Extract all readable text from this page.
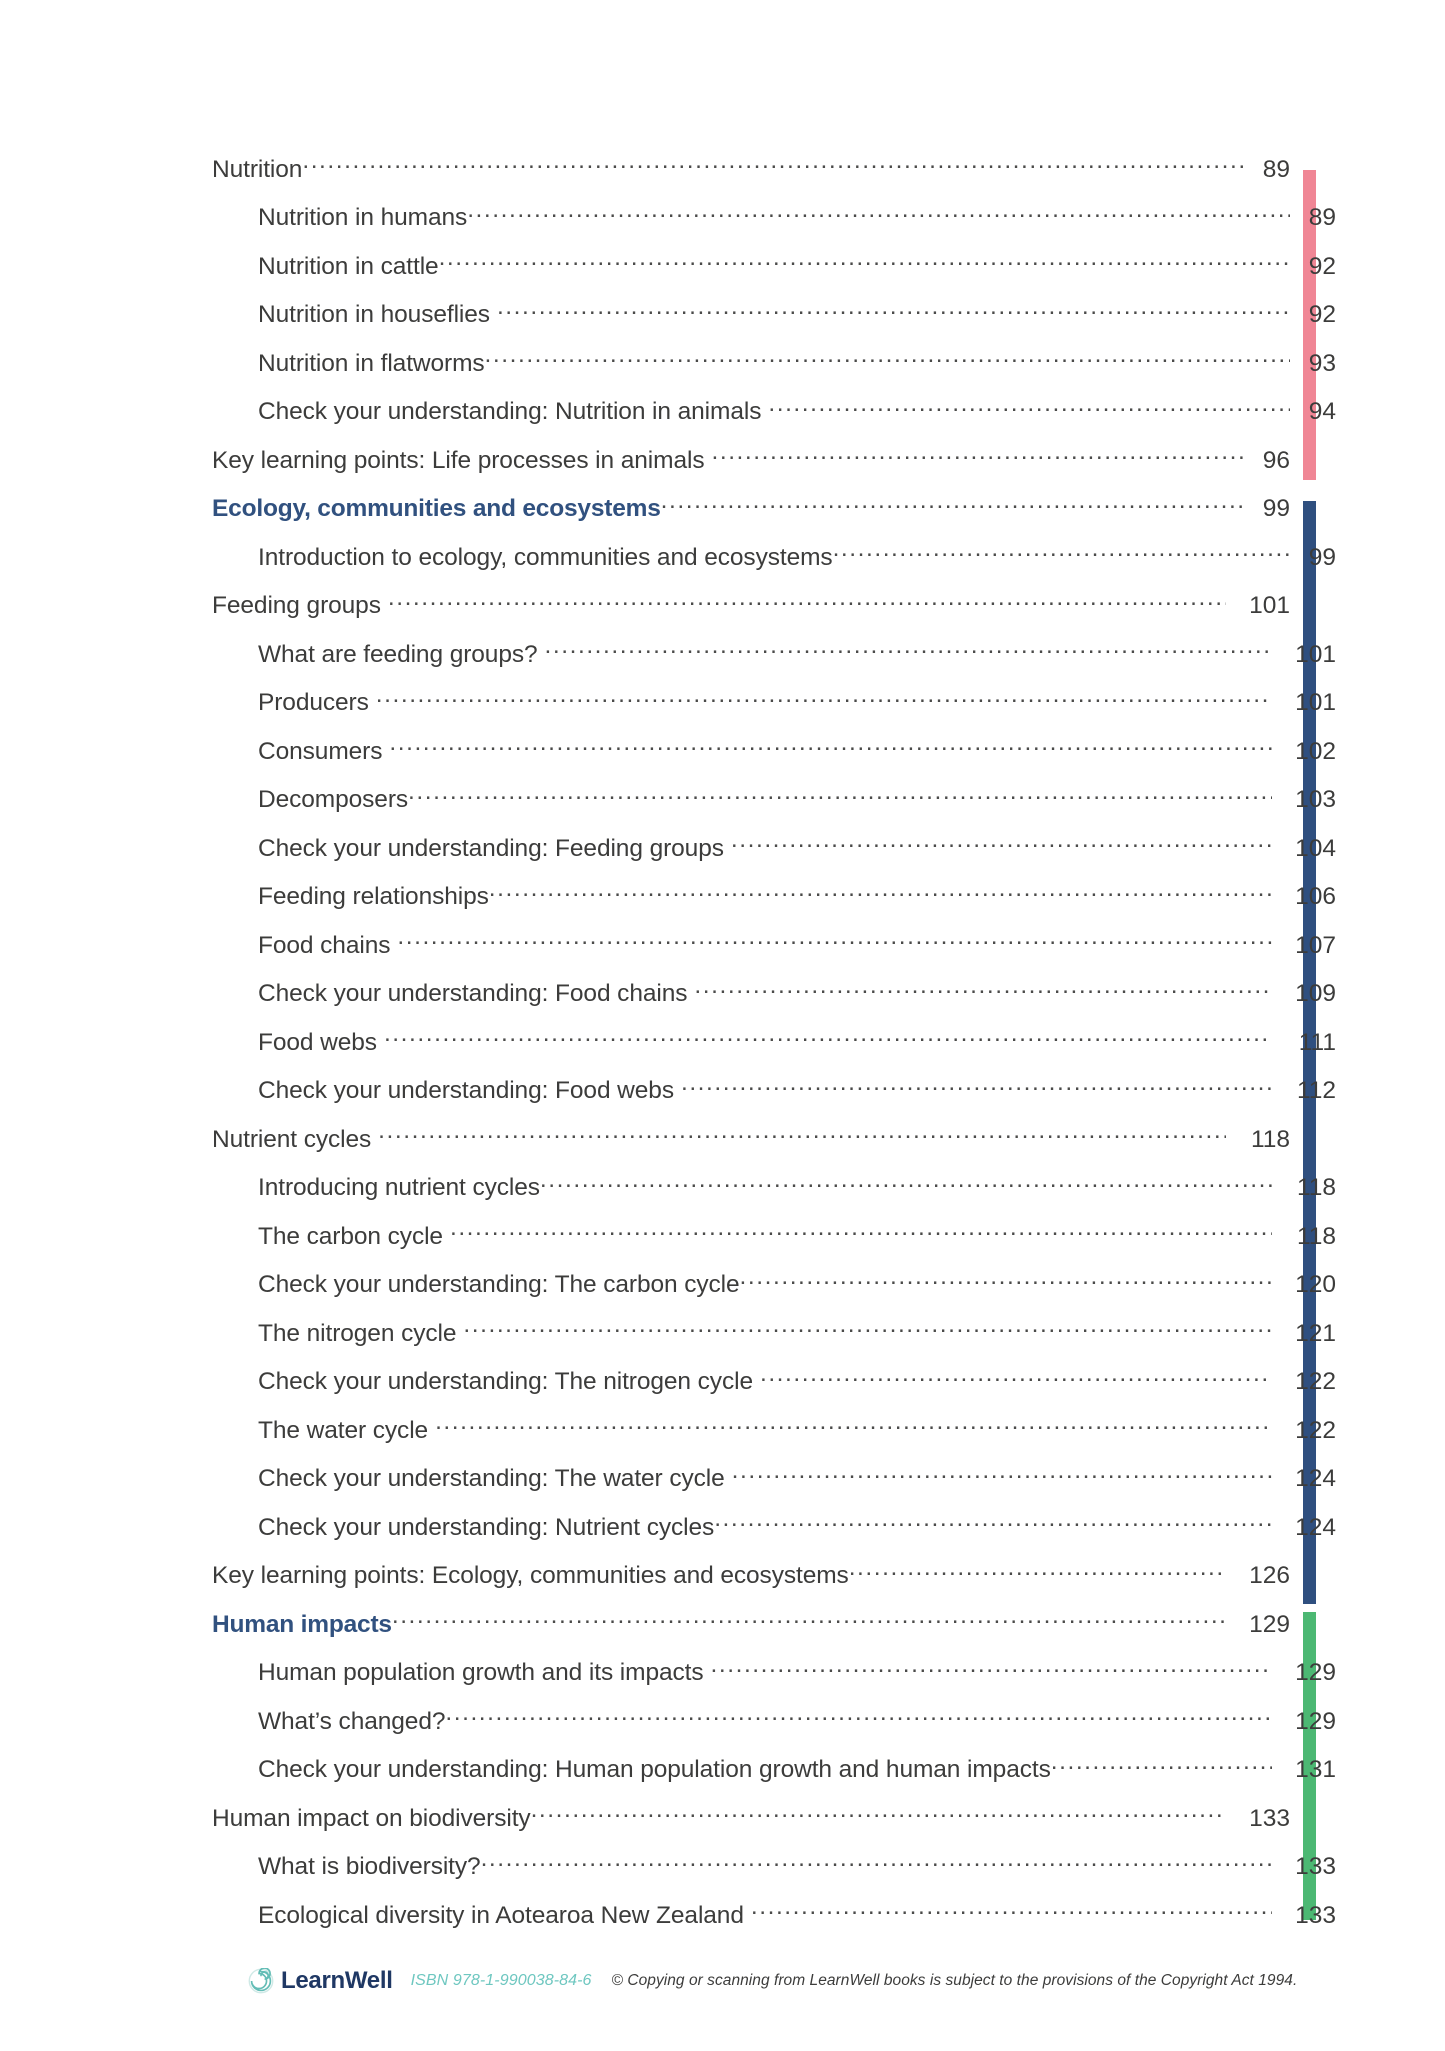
Nutrition .....	89
Nutrition in humans .....	89
Nutrition in cattle .....	92
Nutrition in houseflies .....	92
Nutrition in flatworms .....	93
Check your understanding: Nutrition in animals .....	94
Key learning points: Life processes in animals .....	96
Ecology, communities and ecosystems .....	99
Introduction to ecology, communities and ecosystems .....	99
Feeding groups .....	101
What are feeding groups? .....	101
Producers .....	101
Consumers .....	102
Decomposers .....	103
Check your understanding: Feeding groups .....	104
Feeding relationships .....	106
Food chains .....	107
Check your understanding: Food chains .....	109
Food webs .....	111
Check your understanding: Food webs .....	112
Nutrient cycles .....	118
Introducing nutrient cycles .....	118
The carbon cycle .....	118
Check your understanding: The carbon cycle .....	120
The nitrogen cycle .....	121
Check your understanding: The nitrogen cycle .....	122
The water cycle .....	122
Check your understanding: The water cycle .....	124
Check your understanding: Nutrient cycles .....	124
Key learning points: Ecology, communities and ecosystems .....	126
Human impacts .....	129
Human population growth and its impacts .....	129
What’s changed? .....	129
Check your understanding: Human population growth and human impacts .....	131
Human impact on biodiversity .....	133
What is biodiversity? .....	133
Ecological diversity in Aotearoa New Zealand .....	133
LearnWell ISBN 978-1-990038-84-6 © Copying or scanning from LearnWell books is subject to the provisions of the Copyright Act 1994.
